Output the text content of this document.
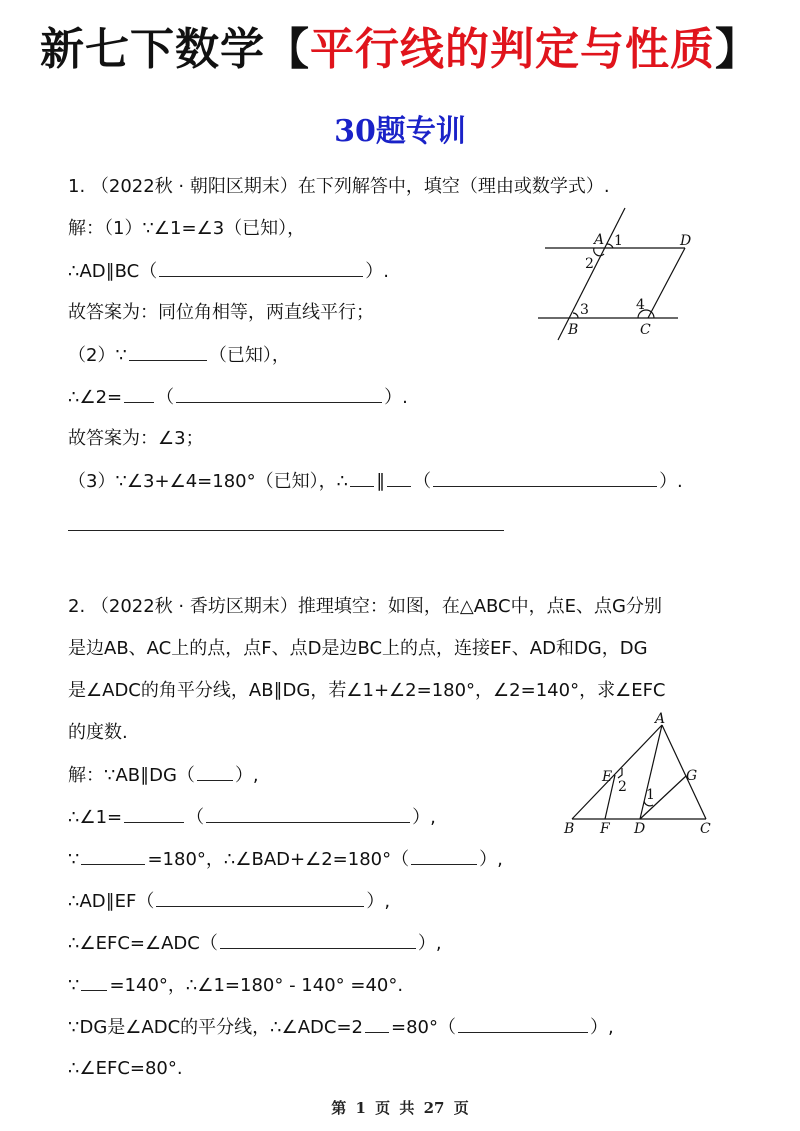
新七下数学【平行线的判定与性质】
30题专训
1. （2022秋 · 朝阳区期末）在下列解答中，填空（理由或数学式）.
解：（1）∵∠1=∠3（已知），
∴AD∥BC（	）.
故答案为：同位角相等，两直线平行；
（2）∵	（已知），
∴∠2= （	）.
故答案为：∠3；
（3）∵∠3+∠4=180°（已知），∴ ∥ （	）.
A 1	D
2
3	4
B	C
2. （2022秋 · 香坊区期末）推理填空：如图，在△ABC中，点E、点G分别
是边AB、AC上的点，点F、点D是边BC上的点，连接EF、AD和DG，DG
是∠ADC的角平分线，AB∥DG，若∠1+∠2=180°，∠2=140°，求∠EFC
的度数.
解：∵AB∥DG（ ）,
∴∠1=	（	）,
∵	=180°，∴∠BAD+∠2=180°（	）,
∴AD∥EF（	）,
∴∠EFC=∠ADC（	）,
∵ =140°，∴∠1=180° - 140° =40°.
∵DG是∠ADC的平分线，∴∠ADC=2 =80°（	）,
∴∠EFC=80°.
A
E
2
G
1
B F D	C
第 1 页 共 27 页
